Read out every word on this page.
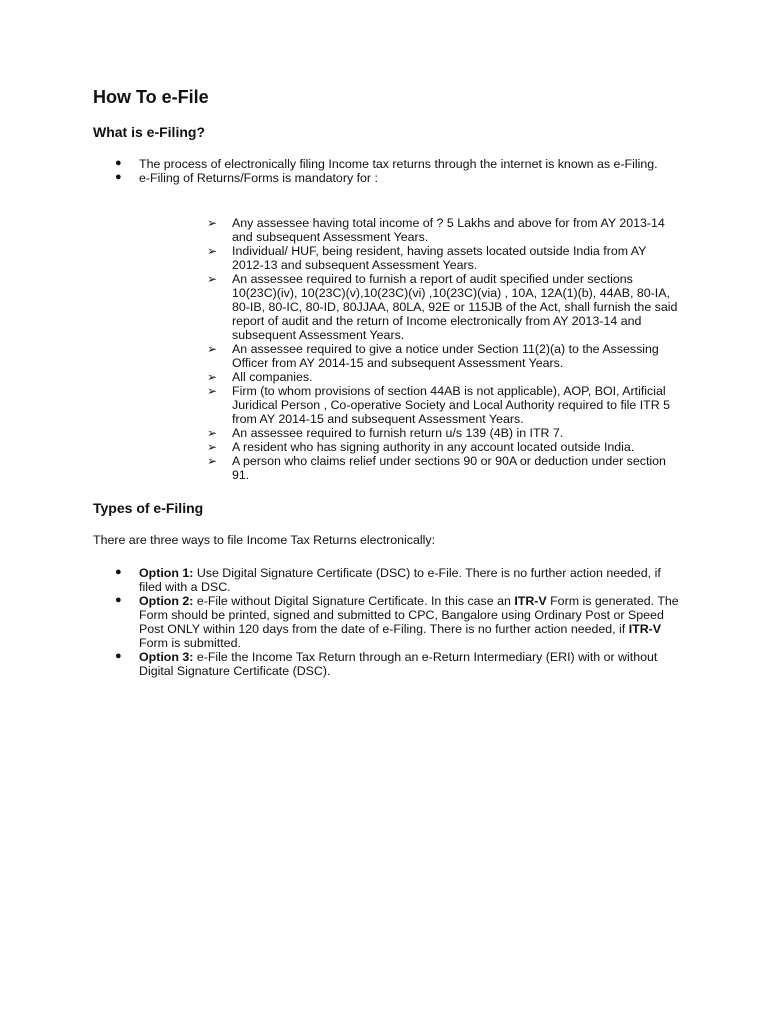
How To e-File
What is e-Filing?
● The process of electronically filing Income tax returns through the internet is known as e-Filing.
● e-Filing of Returns/Forms is mandatory for :
➢ Any assessee having total income of ? 5 Lakhs and above for from AY 2013-14 and subsequent Assessment Years.
➢ Individual/ HUF, being resident, having assets located outside India from AY 2012-13 and subsequent Assessment Years.
➢ An assessee required to furnish a report of audit specified under sections 10(23C)(iv), 10(23C)(v),10(23C)(vi) ,10(23C)(via) , 10A, 12A(1)(b), 44AB, 80-IA, 80-IB, 80-IC, 80-ID, 80JJAA, 80LA, 92E or 115JB of the Act, shall furnish the said report of audit and the return of Income electronically from AY 2013-14 and subsequent Assessment Years.
➢ An assessee required to give a notice under Section 11(2)(a) to the Assessing Officer from AY 2014-15 and subsequent Assessment Years.
➢ All companies.
➢ Firm (to whom provisions of section 44AB is not applicable), AOP, BOI, Artificial Juridical Person , Co-operative Society and Local Authority required to file ITR 5 from AY 2014-15 and subsequent Assessment Years.
➢ An assessee required to furnish return u/s 139 (4B) in ITR 7.
➢ A resident who has signing authority in any account located outside India.
➢ A person who claims relief under sections 90 or 90A or deduction under section 91.
Types of e-Filing
There are three ways to file Income Tax Returns electronically:
● Option 1: Use Digital Signature Certificate (DSC) to e-File. There is no further action needed, if filed with a DSC.
● Option 2: e-File without Digital Signature Certificate. In this case an ITR-V Form is generated. The Form should be printed, signed and submitted to CPC, Bangalore using Ordinary Post or Speed Post ONLY within 120 days from the date of e-Filing. There is no further action needed, if ITR-V Form is submitted.
● Option 3: e-File the Income Tax Return through an e-Return Intermediary (ERI) with or without Digital Signature Certificate (DSC).
